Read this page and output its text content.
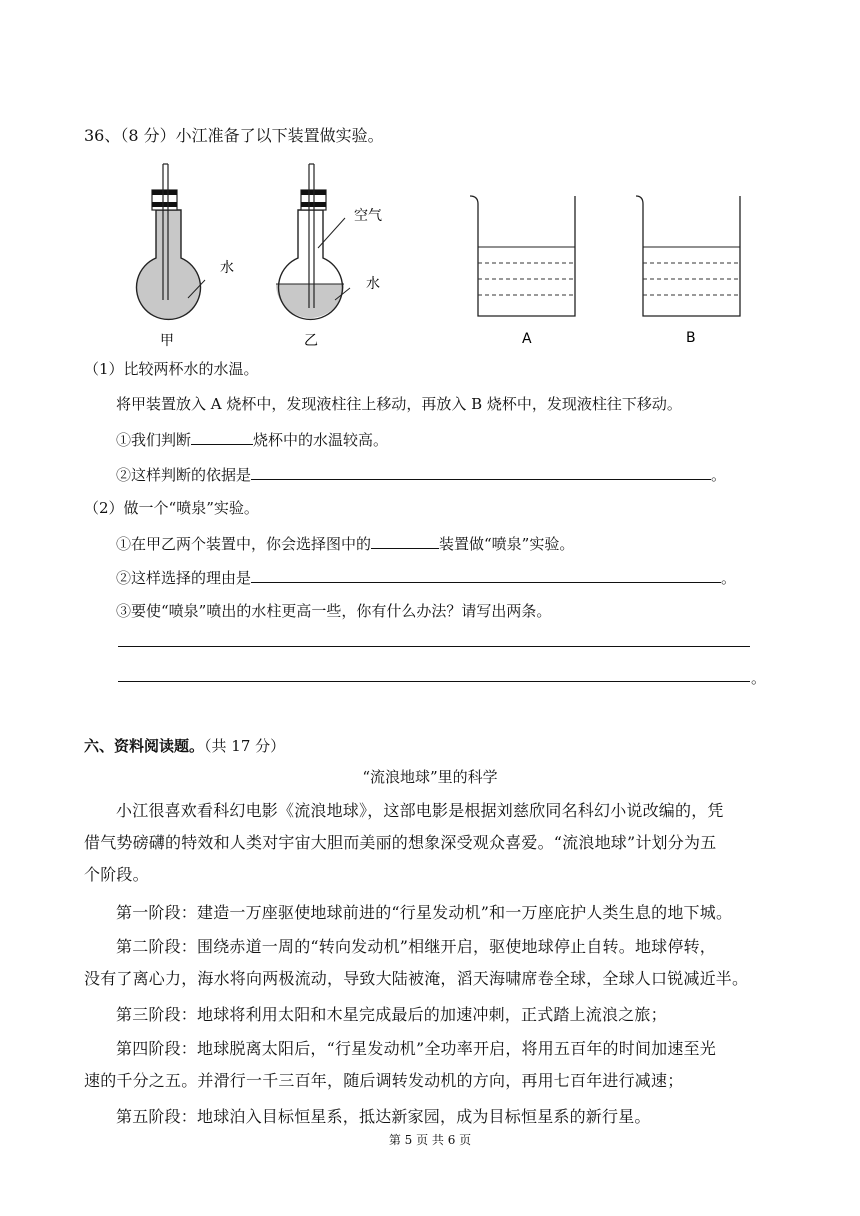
36、（8 分）小江准备了以下装置做实验。
水
甲
空气
水
乙	A	B
（1）比较两杯水的水温。
将甲装置放入 A 烧杯中，发现液柱往上移动，再放入 B 烧杯中，发现液柱往下移动。
①我们判断	烧杯中的水温较高。
②这样判断的依据是	。
（2）做一个“喷泉”实验。
①在甲乙两个装置中，你会选择图中的	装置做“喷泉”实验。
②这样选择的理由是	。
③要使“喷泉”喷出的水柱更高一些，你有什么办法？请写出两条。
。
六、资料阅读题。（共 17 分）
“流浪地球”里的科学
小江很喜欢看科幻电影《流浪地球》，这部电影是根据刘慈欣同名科幻小说改编的，凭
借气势磅礴的特效和人类对宇宙大胆而美丽的想象深受观众喜爱。“流浪地球”计划分为五
个阶段。
第一阶段：建造一万座驱使地球前进的“行星发动机”和一万座庇护人类生息的地下城。
第二阶段：围绕赤道一周的“转向发动机”相继开启，驱使地球停止自转。地球停转，
没有了离心力，海水将向两极流动，导致大陆被淹，滔天海啸席卷全球，全球人口锐减近半。
第三阶段：地球将利用太阳和木星完成最后的加速冲刺，正式踏上流浪之旅；
第四阶段：地球脱离太阳后，“行星发动机”全功率开启，将用五百年的时间加速至光
速的千分之五。并滑行一千三百年，随后调转发动机的方向，再用七百年进行减速；
第五阶段：地球泊入目标恒星系，抵达新家园，成为目标恒星系的新行星。
第 5 页 共 6 页
